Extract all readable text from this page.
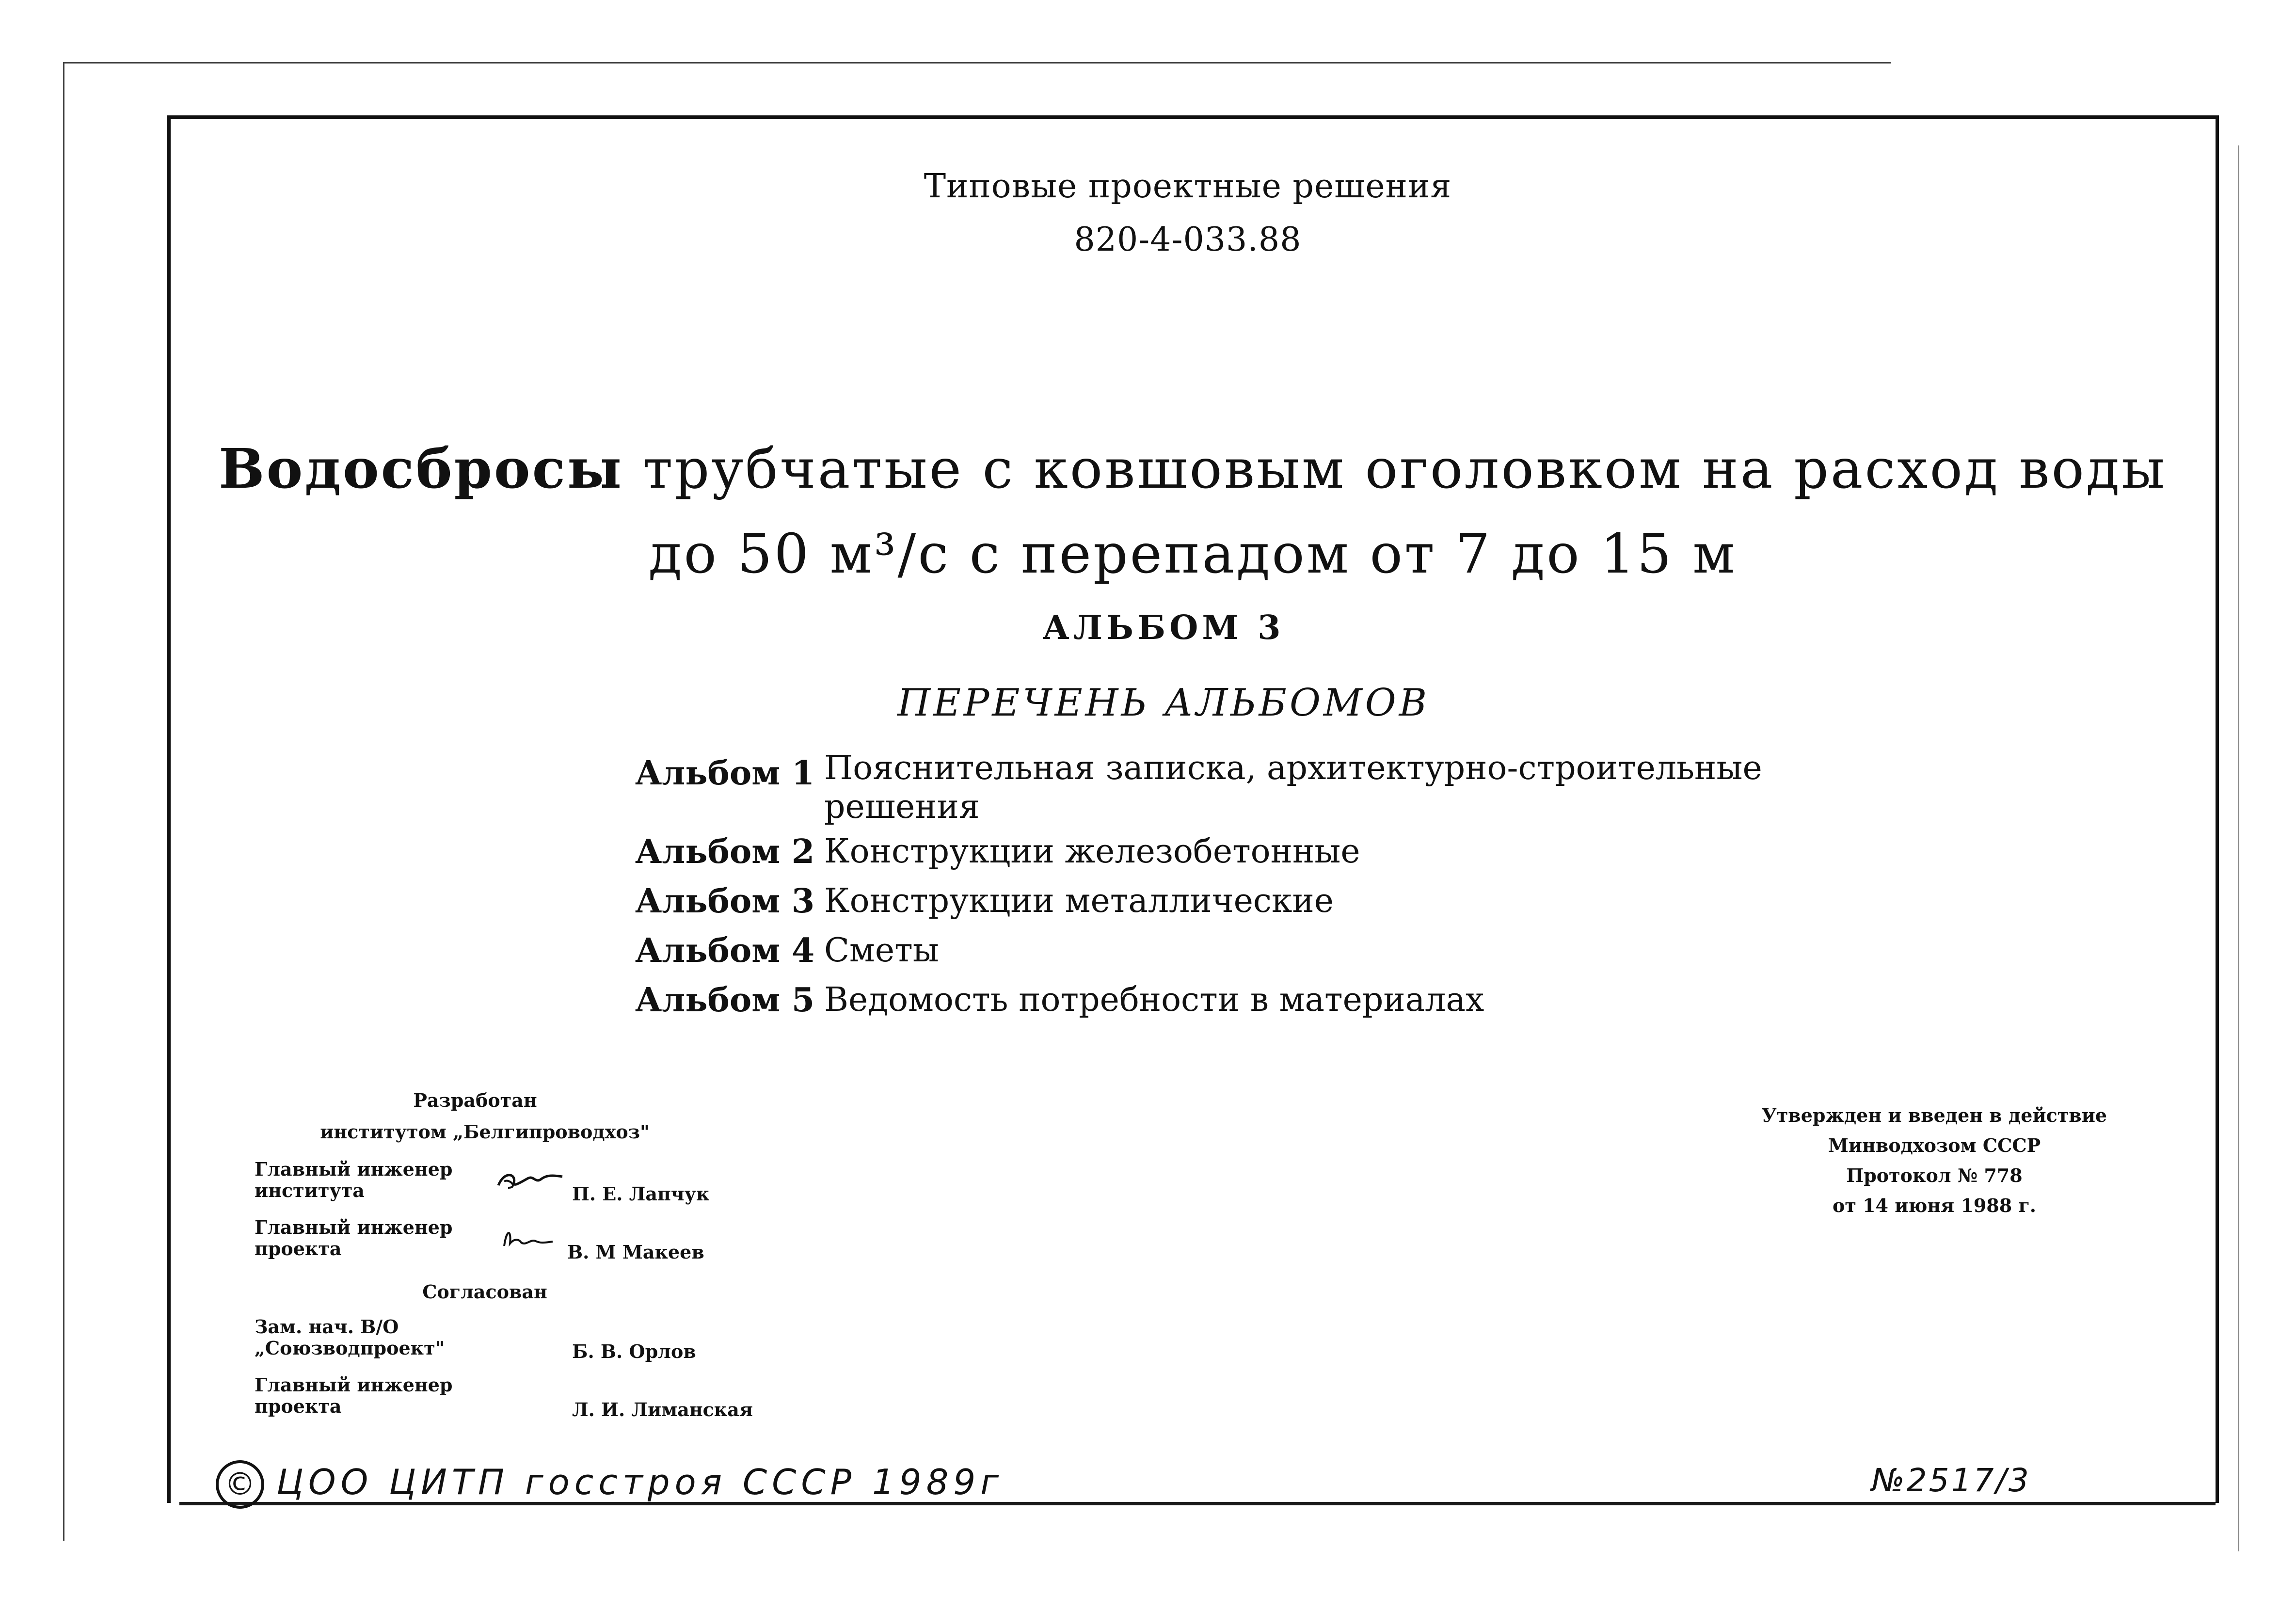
Типовые проектные решения
820-4-033.88
Водосбросы трубчатые с ковшовым оголовком на расход воды
до 50 м³/с с перепадом от 7 до 15 м
АЛЬБОМ 3
ПЕРЕЧЕНЬ АЛЬБОМОВ
Альбом 1 Пояснительная записка, архитектурно-строительные решения
Альбом 2 Конструкции железобетонные
Альбом 3 Конструкции металлические
Альбом 4 Сметы
Альбом 5 Ведомость потребности в материалах
Разработан
институтом „Белгипроводхоз"
Главный инженер
института	П. Е. Лапчук
Главный инженер
проекта	В. М Макеев
Согласован
Зам. нач. В/О
„Союзводпроект"	Б. В. Орлов
Главный инженер
проекта	Л. И. Лиманская
Утвержден и введен в действие
Минводхозом СССР
Протокол № 778
от 14 июня 1988 г.
© ЦОО ЦИТП госстроя СССР 1989г	№2517/3
